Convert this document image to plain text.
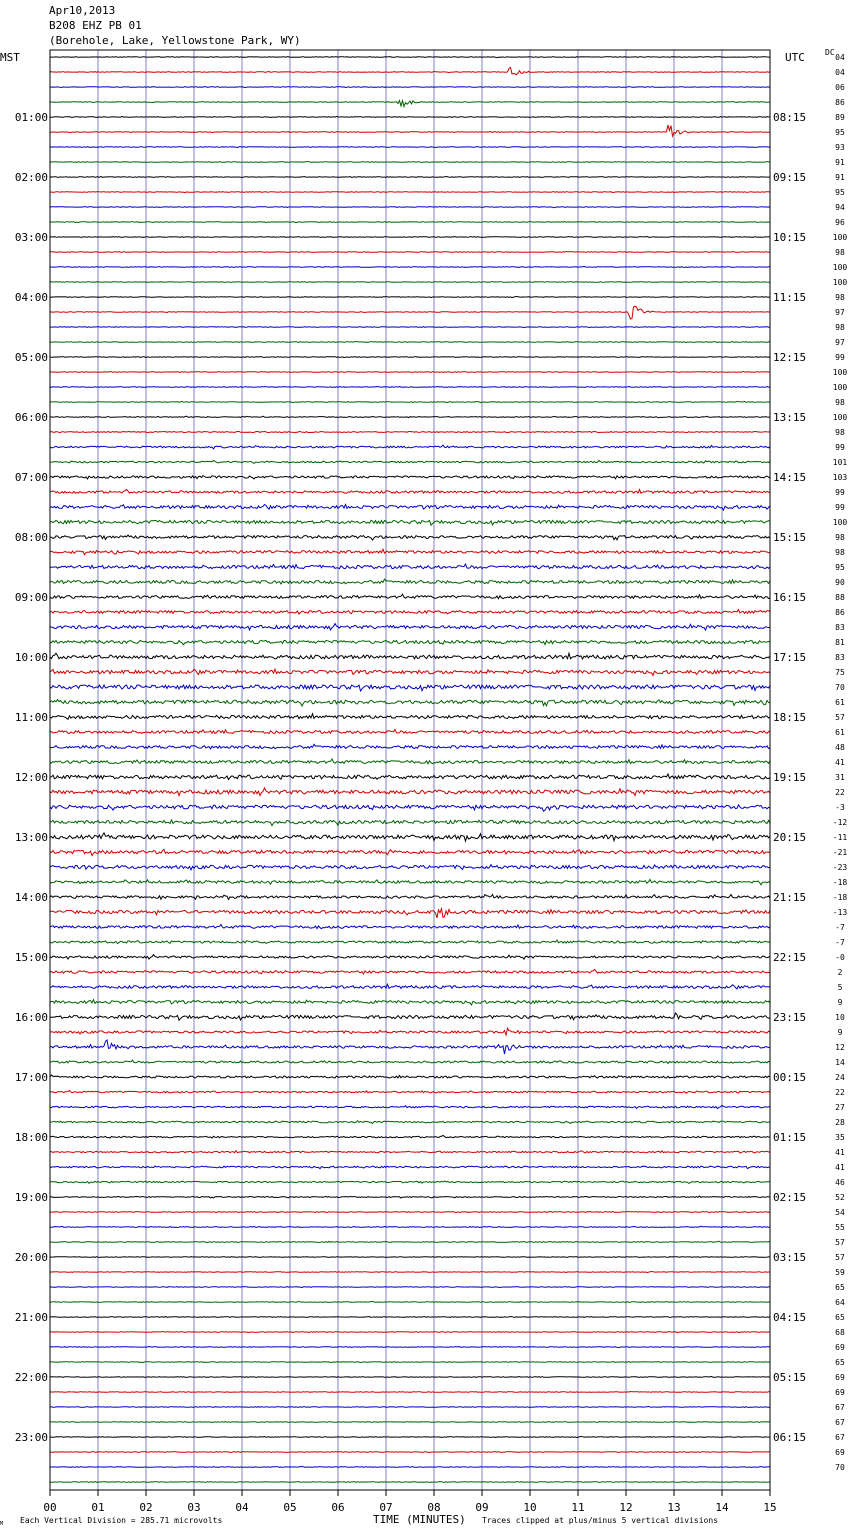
04
04
06
86
89
95
93
91
91
95
94
96
100
98
100
100
98
97
98
97
99
100
100
98
100
98
99
101
103
99
99
100
98
98
95
90
88
86
83
81
83
75
70
61
57
61
48
41
31
22
-3
-12
-11
-21
-23
-18
-18
-13
-7
-7
-0
2
5
9
10
9
12
14
24
22
27
28
35
41
41
46
52
54
55
57
57
59
65
64
65
68
69
65
69
69
67
67
67
69
70
MST	UTC	DC
01:00
02:00
03:00
04:00
05:00
06:00
07:00
08:00
09:00
10:00
11:00
12:00
13:00
14:00
15:00
16:00
17:00
18:00
19:00
20:00
21:00
22:00
23:00
08:15
09:15
10:15
11:15
12:15
13:15
14:15
15:15
16:15
17:15
18:15
19:15
20:15
21:15
22:15
23:15
00:15
01:15
02:15
03:15
04:15
05:15
06:15
00	01	02	03	04	05	06	07	08	09	10	11	12	13	14	15
Each Vertical Division = 285.71 microvolts
M	TIME (MINUTES) Traces clipped at plus/minus 5 vertical divisions
Apr10,2013
B208 EHZ PB 01
(Borehole, Lake, Yellowstone Park, WY)
